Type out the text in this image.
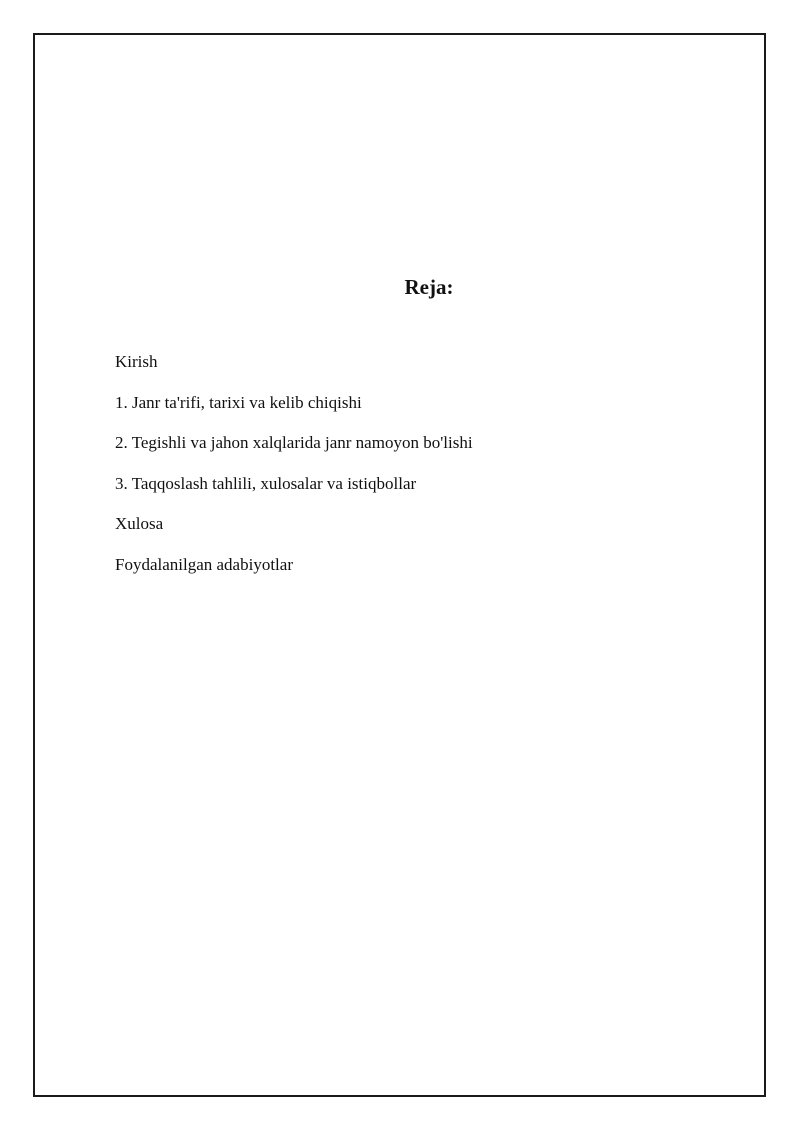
Reja:
Kirish
1. Janr ta'rifi, tarixi va kelib chiqishi
2. Tegishli va jahon xalqlarida janr namoyon bo'lishi
3. Taqqoslash tahlili, xulosalar va istiqbollar
Xulosa
Foydalanilgan adabiyotlar
